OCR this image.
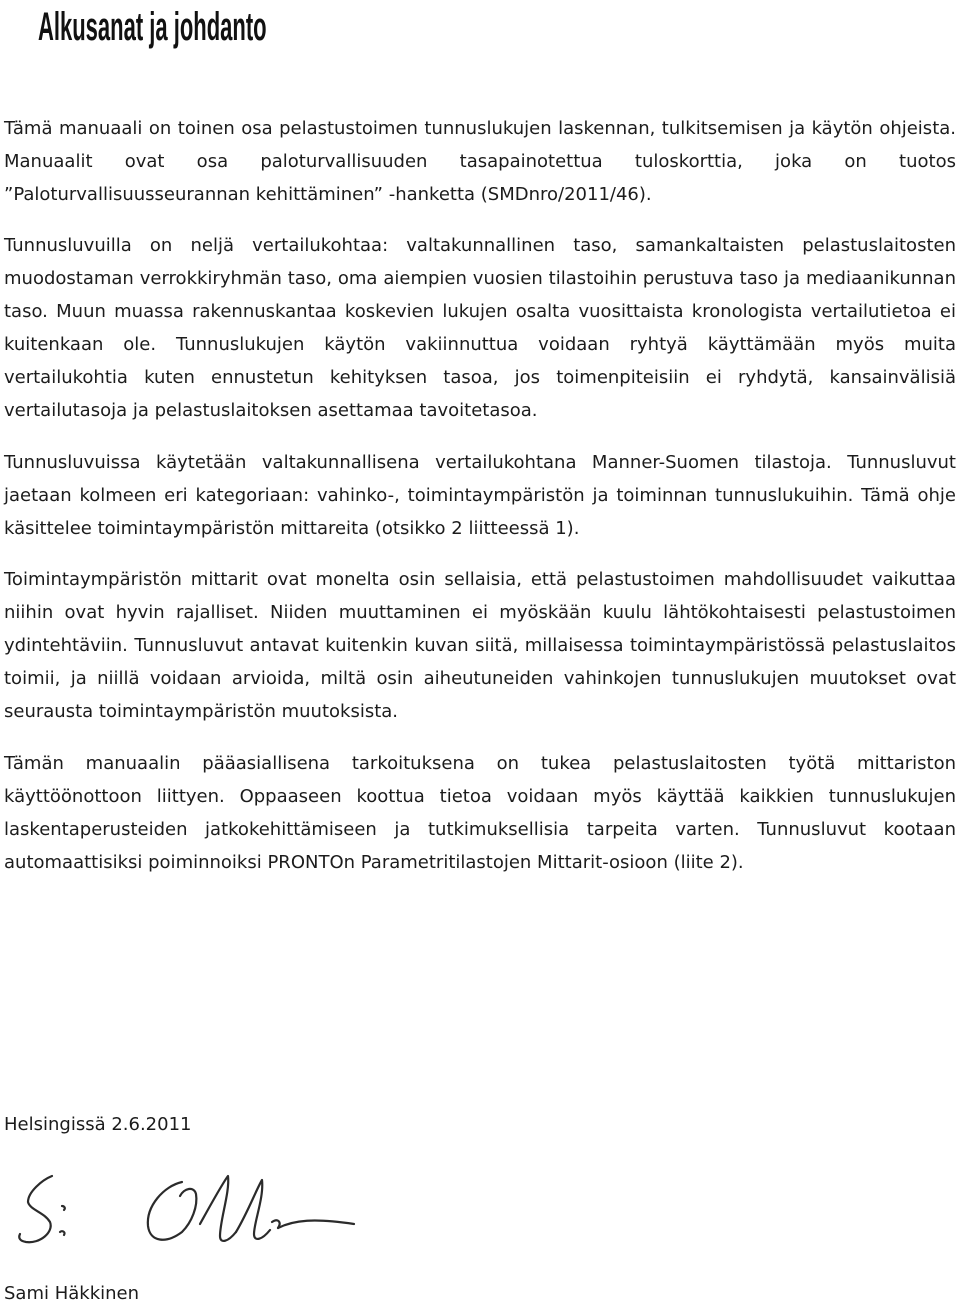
Alkusanat ja johdanto

Tämä manuaali on toinen osa pelastustoimen tunnuslukujen laskennan, tulkitsemisen ja käytön ohjeista. Manuaalit ovat osa paloturvallisuuden tasapainotettua tuloskorttia, joka on tuotos ”Paloturvallisuusseurannan kehittäminen” -hanketta (SMDnro/2011/46).

Tunnusluvuilla on neljä vertailukohtaa: valtakunnallinen taso, samankaltaisten pelastuslaitosten muodostaman verrokkiryhmän taso, oma aiempien vuosien tilastoihin perustuva taso ja mediaanikunnan taso. Muun muassa rakennuskantaa koskevien lukujen osalta vuosittaista kronologista vertailutietoa ei kuitenkaan ole. Tunnuslukujen käytön vakiinnuttua voidaan ryhtyä käyttämään myös muita vertailukohtia kuten ennustetun kehityksen tasoa, jos toimenpiteisiin ei ryhdytä, kansainvälisiä vertailutasoja ja pelastuslaitoksen asettamaa tavoitetasoa.

Tunnusluvuissa käytetään valtakunnallisena vertailukohtana Manner-Suomen tilastoja. Tunnusluvut jaetaan kolmeen eri kategoriaan: vahinko-, toimintaympäristön ja toiminnan tunnuslukuihin. Tämä ohje käsittelee toimintaympäristön mittareita (otsikko 2 liitteessä 1).

Toimintaympäristön mittarit ovat monelta osin sellaisia, että pelastustoimen mahdollisuudet vaikuttaa niihin ovat hyvin rajalliset. Niiden muuttaminen ei myöskään kuulu lähtökohtaisesti pelastustoimen ydintehtäviin. Tunnusluvut antavat kuitenkin kuvan siitä, millaisessa toimintaympäristössä pelastuslaitos toimii, ja niillä voidaan arvioida, miltä osin aiheutuneiden vahinkojen tunnuslukujen muutokset ovat seurausta toimintaympäristön muutoksista.

Tämän manuaalin pääasiallisena tarkoituksena on tukea pelastuslaitosten työtä mittariston käyttöönottoon liittyen. Oppaaseen koottua tietoa voidaan myös käyttää kaikkien tunnuslukujen laskentaperusteiden jatkokehittämiseen ja tutkimuksellisia tarpeita varten. Tunnusluvut kootaan automaattisiksi poiminnoiksi PRONTOn Parametritilastojen Mittarit-osioon (liite 2).

Helsingissä 2.6.2011

Sami Häkkinen
